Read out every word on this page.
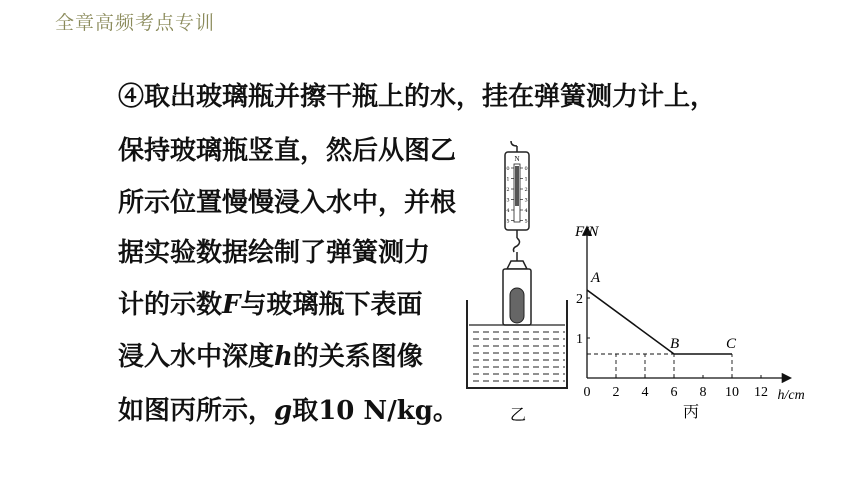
全章高频考点专训
④取出玻璃瓶并擦干瓶上的水，挂在弹簧测力计上，
保持玻璃瓶竖直，然后从图乙
所示位置慢慢浸入水中，并根
据实验数据绘制了弹簧测力
计的示数F与玻璃瓶下表面
浸入水中深度h的关系图像
如图丙所示，g取10 N/kg。
N
0	0
1	1
2	2
3	3
4	4
5	5
乙
F/N
h/cm
0 2 4 6 8 10 12
1
2
A
B	C
丙
